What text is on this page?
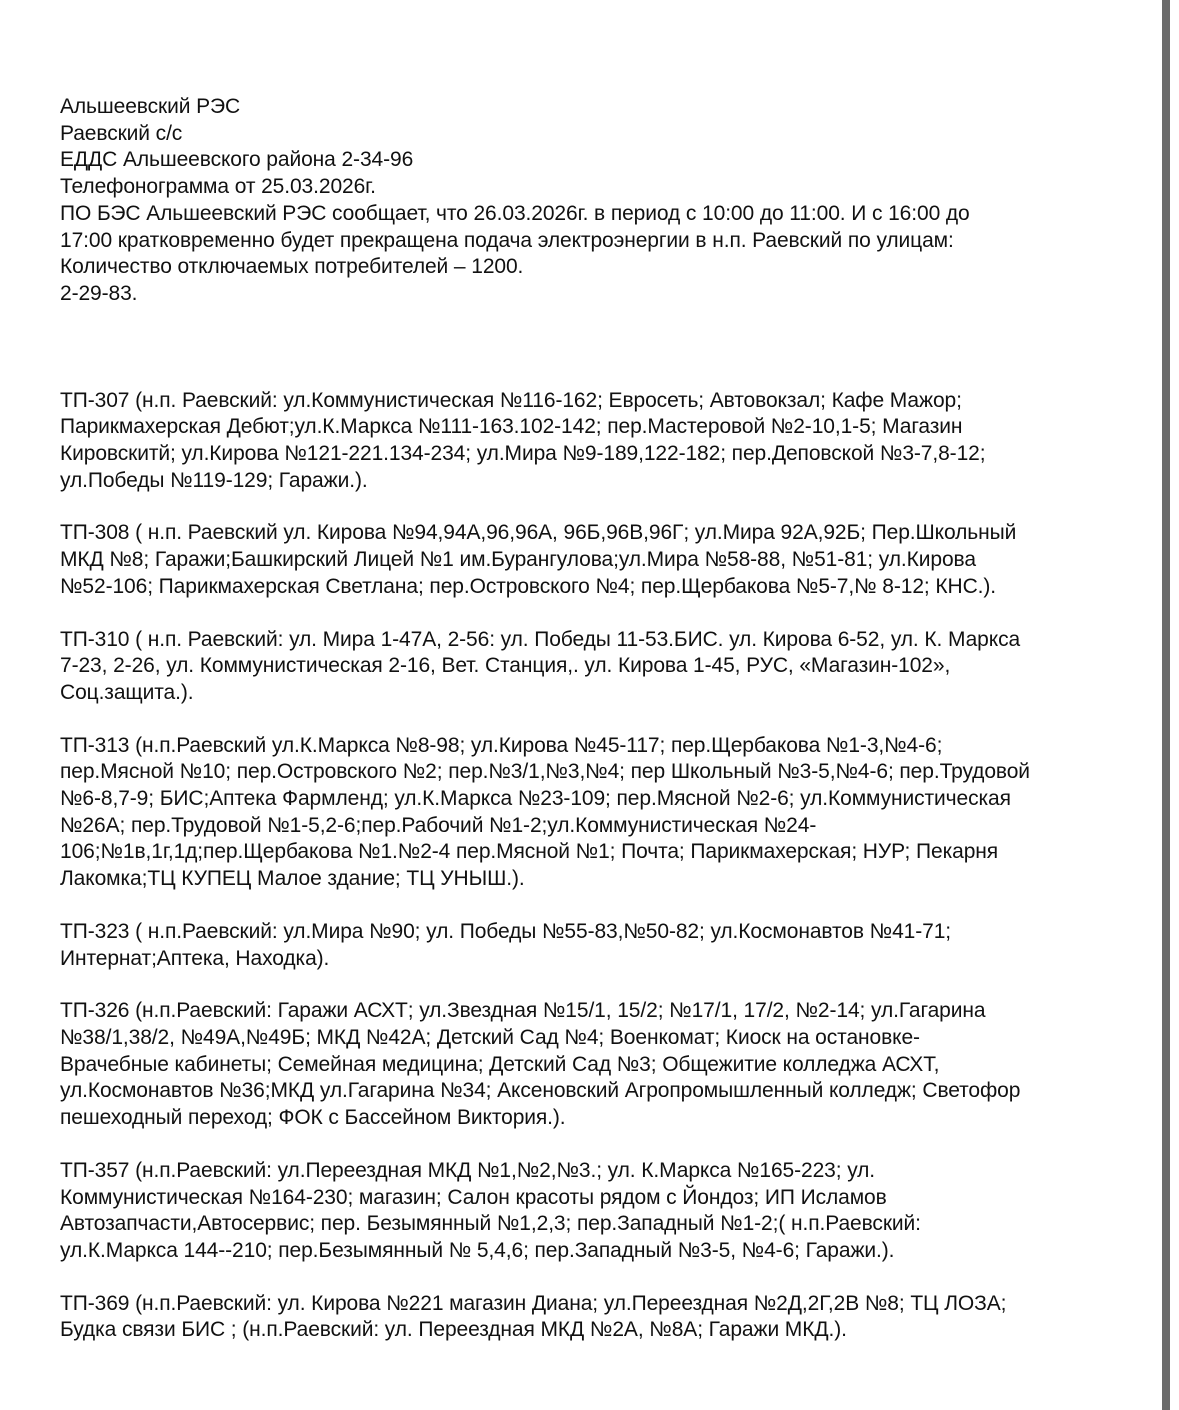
Альшеевский РЭС

Раевский с/с

ЕДДС Альшеевского района 2-34-96

Телефонограмма от 25.03.2026г.

ПО БЭС Альшеевский РЭС сообщает, что 26.03.2026г. в период с 10:00 до 11:00. И с 16:00 до
17:00 кратковременно будет прекращена подача электроэнергии в н.п. Раевский по улицам:
Количество отключаемых потребителей – 1200.
2-29-83.

ТП-307 (н.п. Раевский: ул.Коммунистическая №116-162; Евросеть; Автовокзал; Кафе Мажор;
Парикмахерская Дебют;ул.К.Маркса №111-163.102-142; пер.Мастеровой №2-10,1-5; Магазин
Кировскитй; ул.Кирова №121-221.134-234; ул.Мира №9-189,122-182; пер.Деповской №3-7,8-12;
ул.Победы №119-129; Гаражи.).

ТП-308 ( н.п. Раевский ул. Кирова №94,94А,96,96А, 96Б,96В,96Г; ул.Мира 92А,92Б; Пер.Школьный
МКД №8; Гаражи;Башкирский Лицей №1 им.Бурангулова;ул.Мира №58-88, №51-81; ул.Кирова
№52-106; Парикмахерская Светлана; пер.Островского №4; пер.Щербакова №5-7,№ 8-12; КНС.).

ТП-310 ( н.п. Раевский: ул. Мира 1-47А, 2-56: ул. Победы 11-53.БИС. ул. Кирова 6-52, ул. К. Маркса
7-23, 2-26, ул. Коммунистическая 2-16, Вет. Станция,. ул. Кирова 1-45, РУС, «Магазин-102»,
Соц.защита.).

ТП-313 (н.п.Раевский ул.К.Маркса №8-98; ул.Кирова №45-117; пер.Щербакова №1-3,№4-6;
пер.Мясной №10; пер.Островского №2; пер.№3/1,№3,№4; пер Школьный №3-5,№4-6; пер.Трудовой
№6-8,7-9; БИС;Аптека Фармленд; ул.К.Маркса №23-109; пер.Мясной №2-6; ул.Коммунистическая
№26А; пер.Трудовой №1-5,2-6;пер.Рабочий №1-2;ул.Коммунистическая №24-
106;№1в,1г,1д;пер.Щербакова №1.№2-4 пер.Мясной №1; Почта; Парикмахерская; НУР; Пекарня
Лакомка;ТЦ КУПЕЦ Малое здание; ТЦ УНЫШ.).

ТП-323 ( н.п.Раевский: ул.Мира №90; ул. Победы №55-83,№50-82; ул.Космонавтов №41-71;
Интернат;Аптека, Находка).

ТП-326 (н.п.Раевский: Гаражи АСХТ; ул.Звездная №15/1, 15/2; №17/1, 17/2, №2-14; ул.Гагарина
№38/1,38/2, №49А,№49Б; МКД №42А; Детский Сад №4; Военкомат; Киоск на остановке-
Врачебные кабинеты; Семейная медицина; Детский Сад №3; Общежитие колледжа АСХТ,
ул.Космонавтов №36;МКД ул.Гагарина №34; Аксеновский Агропромышленный колледж; Светофор
пешеходный переход; ФОК с Бассейном Виктория.).

ТП-357 (н.п.Раевский: ул.Переездная МКД №1,№2,№3.; ул. К.Маркса №165-223; ул.
Коммунистическая №164-230; магазин; Салон красоты рядом с Йондоз; ИП Исламов
Автозапчасти,Автосервис; пер. Безымянный №1,2,3; пер.Западный №1-2;( н.п.Раевский:
ул.К.Маркса 144--210; пер.Безымянный № 5,4,6; пер.Западный №3-5, №4-6; Гаражи.).

ТП-369 (н.п.Раевский: ул. Кирова №221 магазин Диана; ул.Переездная №2Д,2Г,2В №8; ТЦ ЛОЗА;
Будка связи БИС ; (н.п.Раевский: ул. Переездная МКД №2А, №8А; Гаражи МКД.).
